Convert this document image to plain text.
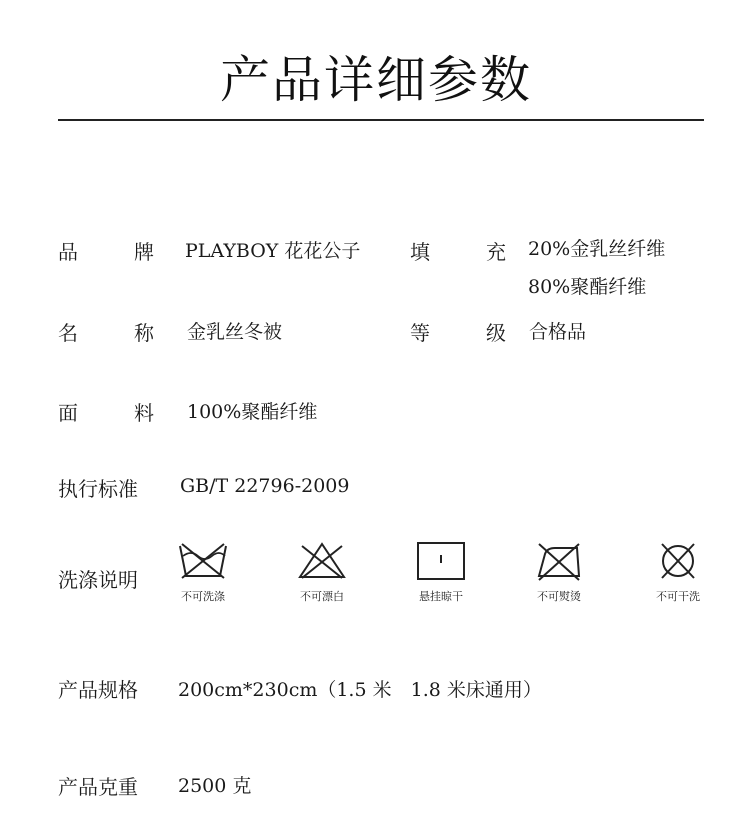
产品详细参数
品	牌 PLAYBOY 花花公子 填	充 20%金乳丝纤维
80%聚酯纤维
名	称 金乳丝冬被	等	级 合格品
面	料 100%聚酯纤维
执行标准 GB/T 22796-2009
洗涤说明
不可洗涤	不可漂白	悬挂晾干	不可熨烫	不可干洗
产品规格 200cm*230cm（1.5 米　1.8 米床通用）
产品克重 2500 克
